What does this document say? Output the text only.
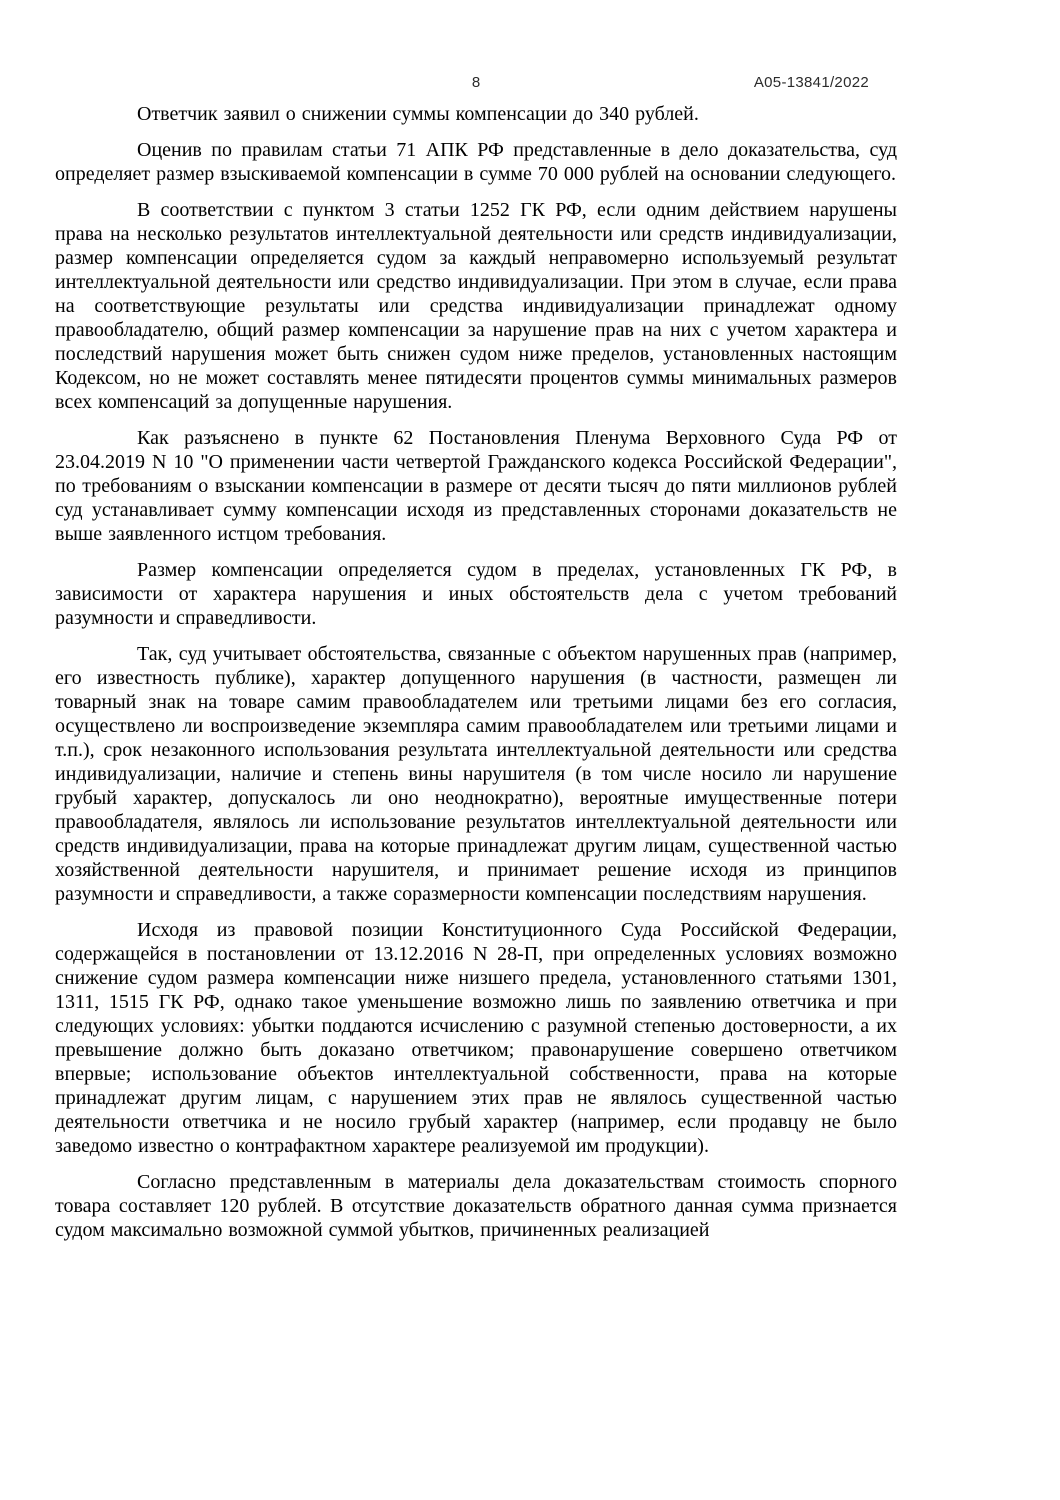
8	А05-13841/2022

Ответчик заявил о снижении суммы компенсации до 340 рублей.

Оценив по правилам статьи 71 АПК РФ представленные в дело доказательства, суд определяет размер взыскиваемой компенсации в сумме 70 000 рублей на основании следующего.

В соответствии с пунктом 3 статьи 1252 ГК РФ, если одним действием нарушены права на несколько результатов интеллектуальной деятельности или средств индивидуализации, размер компенсации определяется судом за каждый неправомерно используемый результат интеллектуальной деятельности или средство индивидуализации. При этом в случае, если права на соответствующие результаты или средства индивидуализации принадлежат одному правообладателю, общий размер компенсации за нарушение прав на них с учетом характера и последствий нарушения может быть снижен судом ниже пределов, установленных настоящим Кодексом, но не может составлять менее пятидесяти процентов суммы минимальных размеров всех компенсаций за допущенные нарушения.

Как разъяснено в пункте 62 Постановления Пленума Верховного Суда РФ от 23.04.2019 N 10 "О применении части четвертой Гражданского кодекса Российской Федерации", по требованиям о взыскании компенсации в размере от десяти тысяч до пяти миллионов рублей суд устанавливает сумму компенсации исходя из представленных сторонами доказательств не выше заявленного истцом требования.

Размер компенсации определяется судом в пределах, установленных ГК РФ, в зависимости от характера нарушения и иных обстоятельств дела с учетом требований разумности и справедливости.

Так, суд учитывает обстоятельства, связанные с объектом нарушенных прав (например, его известность публике), характер допущенного нарушения (в частности, размещен ли товарный знак на товаре самим правообладателем или третьими лицами без его согласия, осуществлено ли воспроизведение экземпляра самим правообладателем или третьими лицами и т.п.), срок незаконного использования результата интеллектуальной деятельности или средства индивидуализации, наличие и степень вины нарушителя (в том числе носило ли нарушение грубый характер, допускалось ли оно неоднократно), вероятные имущественные потери правообладателя, являлось ли использование результатов интеллектуальной деятельности или средств индивидуализации, права на которые принадлежат другим лицам, существенной частью хозяйственной деятельности нарушителя, и принимает решение исходя из принципов разумности и справедливости, а также соразмерности компенсации последствиям нарушения.

Исходя из правовой позиции Конституционного Суда Российской Федерации, содержащейся в постановлении от 13.12.2016 N 28-П, при определенных условиях возможно снижение судом размера компенсации ниже низшего предела, установленного статьями 1301, 1311, 1515 ГК РФ, однако такое уменьшение возможно лишь по заявлению ответчика и при следующих условиях: убытки поддаются исчислению с разумной степенью достоверности, а их превышение должно быть доказано ответчиком; правонарушение совершено ответчиком впервые; использование объектов интеллектуальной собственности, права на которые принадлежат другим лицам, с нарушением этих прав не являлось существенной частью деятельности ответчика и не носило грубый характер (например, если продавцу не было заведомо известно о контрафактном характере реализуемой им продукции).

Согласно представленным в материалы дела доказательствам стоимость спорного товара составляет 120 рублей. В отсутствие доказательств обратного данная сумма признается судом максимально возможной суммой убытков, причиненных реализацией
